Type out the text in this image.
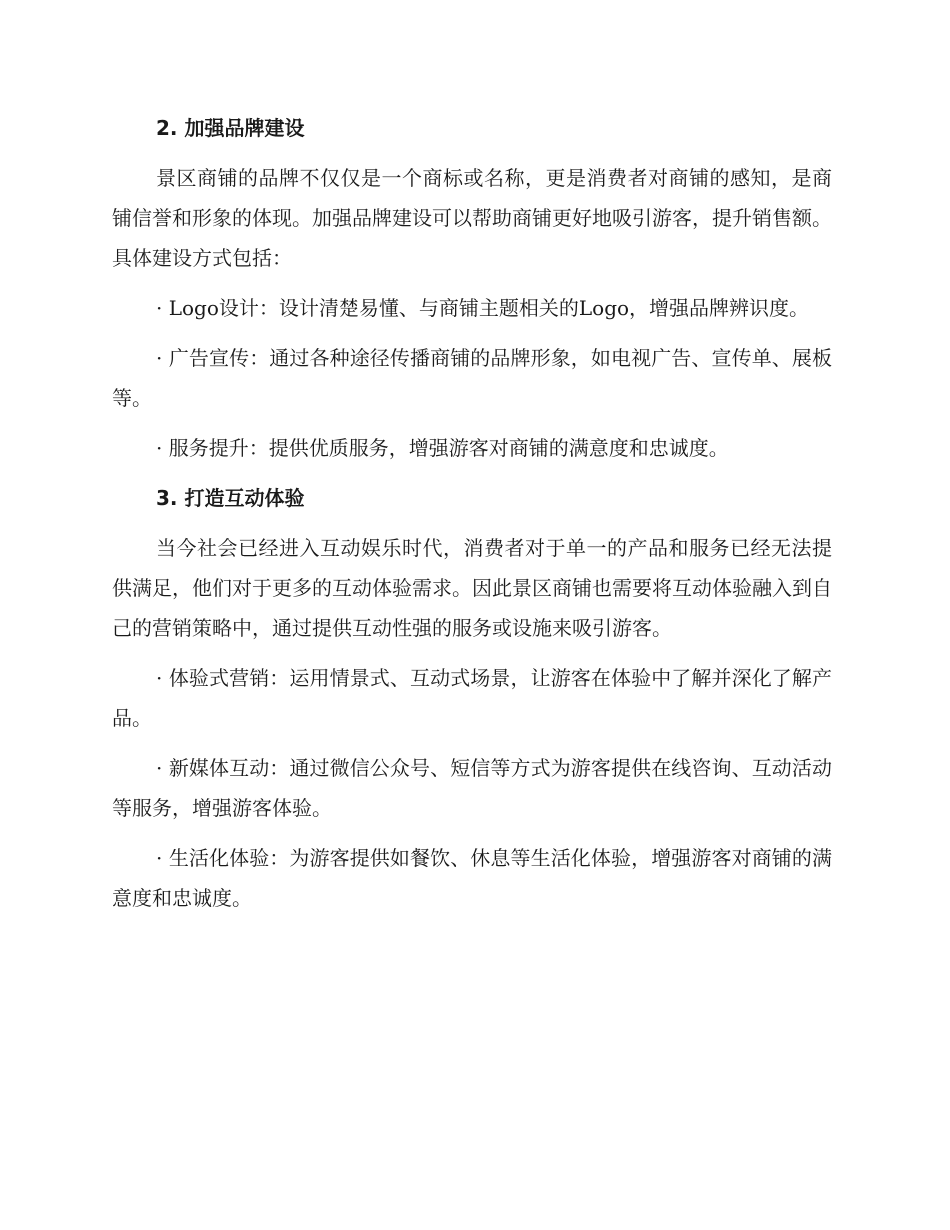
2. 加强品牌建设

景区商铺的品牌不仅仅是一个商标或名称，更是消费者对商铺的感知，是商铺信誉和形象的体现。加强品牌建设可以帮助商铺更好地吸引游客，提升销售额。具体建设方式包括：

· Logo设计：设计清楚易懂、与商铺主题相关的Logo，增强品牌辨识度。

· 广告宣传：通过各种途径传播商铺的品牌形象，如电视广告、宣传单、展板等。

· 服务提升：提供优质服务，增强游客对商铺的满意度和忠诚度。

3. 打造互动体验

当今社会已经进入互动娱乐时代，消费者对于单一的产品和服务已经无法提供满足，他们对于更多的互动体验需求。因此景区商铺也需要将互动体验融入到自己的营销策略中，通过提供互动性强的服务或设施来吸引游客。

· 体验式营销：运用情景式、互动式场景，让游客在体验中了解并深化了解产品。

· 新媒体互动：通过微信公众号、短信等方式为游客提供在线咨询、互动活动等服务，增强游客体验。

· 生活化体验：为游客提供如餐饮、休息等生活化体验，增强游客对商铺的满意度和忠诚度。
